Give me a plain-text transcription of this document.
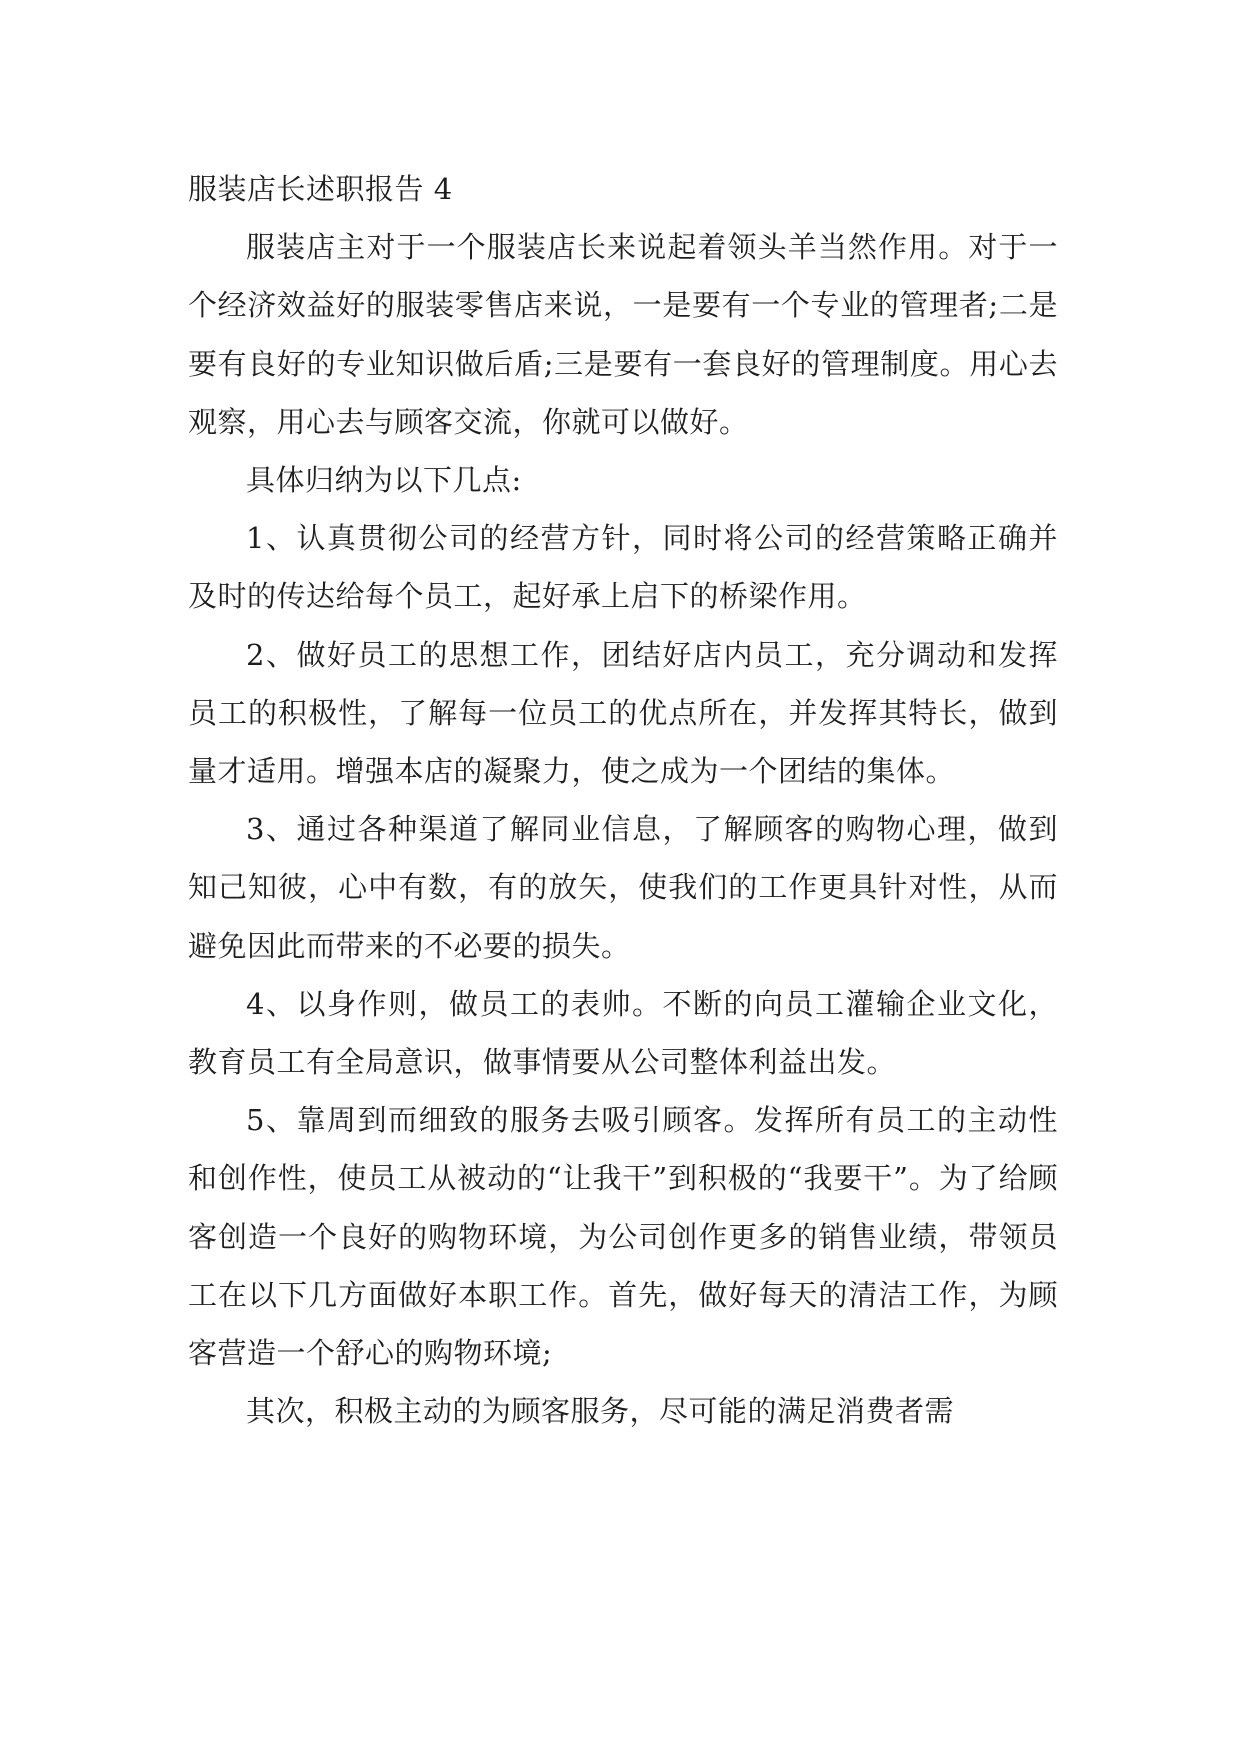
服装店长述职报告 4

服装店主对于一个服装店长来说起着领头羊当然作用。对于一个经济效益好的服装零售店来说，一是要有一个专业的管理者;二是要有良好的专业知识做后盾;三是要有一套良好的管理制度。用心去观察，用心去与顾客交流，你就可以做好。

具体归纳为以下几点:

1、认真贯彻公司的经营方针，同时将公司的经营策略正确并及时的传达给每个员工，起好承上启下的桥梁作用。

2、做好员工的思想工作，团结好店内员工，充分调动和发挥员工的积极性，了解每一位员工的优点所在，并发挥其特长，做到量才适用。增强本店的凝聚力，使之成为一个团结的集体。

3、通过各种渠道了解同业信息，了解顾客的购物心理，做到知己知彼，心中有数，有的放矢，使我们的工作更具针对性，从而避免因此而带来的不必要的损失。

4、以身作则，做员工的表帅。不断的向员工灌输企业文化，教育员工有全局意识，做事情要从公司整体利益出发。

5、靠周到而细致的服务去吸引顾客。发挥所有员工的主动性和创作性，使员工从被动的“让我干”到积极的“我要干”。为了给顾客创造一个良好的购物环境，为公司创作更多的销售业绩，带领员工在以下几方面做好本职工作。首先，做好每天的清洁工作，为顾客营造一个舒心的购物环境;

其次，积极主动的为顾客服务，尽可能的满足消费者需
